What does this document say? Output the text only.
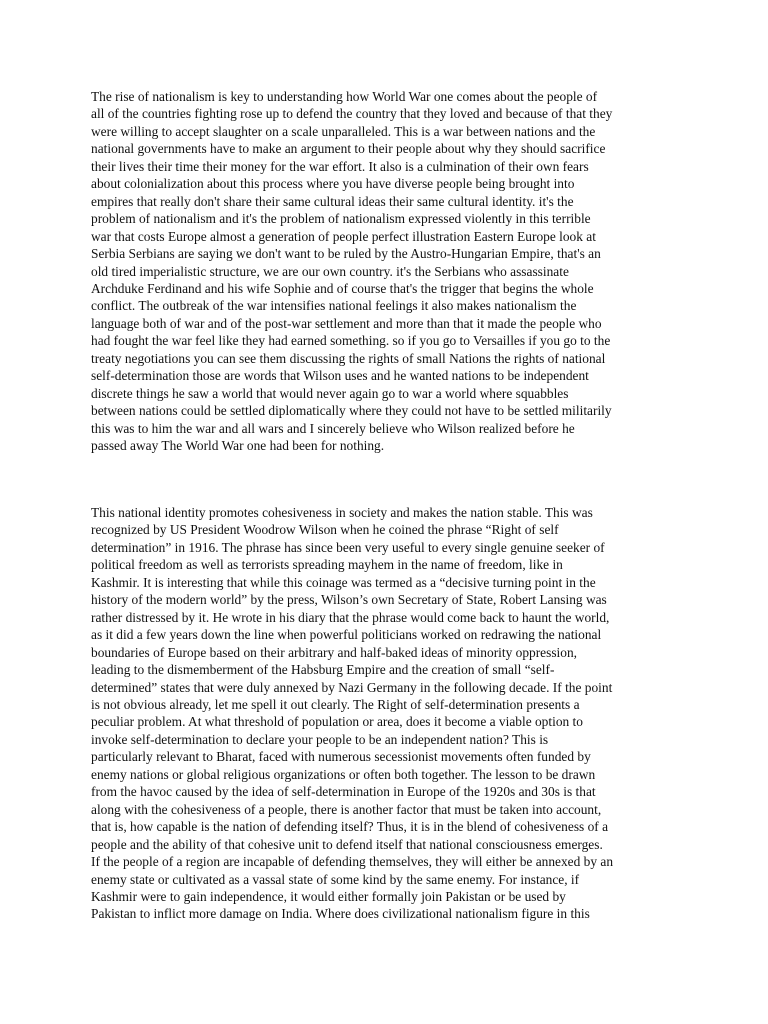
The rise of nationalism is key to understanding how World War one comes about the people of
all of the countries fighting rose up to defend the country that they loved and because of that they
were willing to accept slaughter on a scale unparalleled. This is a war between nations and the
national governments have to make an argument to their people about why they should sacrifice
their lives their time their money for the war effort. It also is a culmination of their own fears
about colonialization about this process where you have diverse people being brought into
empires that really don't share their same cultural ideas their same cultural identity. it's the
problem of nationalism and it's the problem of nationalism expressed violently in this terrible
war that costs Europe almost a generation of people perfect illustration Eastern Europe look at
Serbia Serbians are saying we don't want to be ruled by the Austro-Hungarian Empire, that's an
old tired imperialistic structure, we are our own country. it's the Serbians who assassinate
Archduke Ferdinand and his wife Sophie and of course that's the trigger that begins the whole
conflict. The outbreak of the war intensifies national feelings it also makes nationalism the
language both of war and of the post-war settlement and more than that it made the people who
had fought the war feel like they had earned something. so if you go to Versailles if you go to the
treaty negotiations you can see them discussing the rights of small Nations the rights of national
self-determination those are words that Wilson uses and he wanted nations to be independent
discrete things he saw a world that would never again go to war a world where squabbles
between nations could be settled diplomatically where they could not have to be settled militarily
this was to him the war and all wars and I sincerely believe who Wilson realized before he
passed away The World War one had been for nothing.

This national identity promotes cohesiveness in society and makes the nation stable. This was
recognized by US President Woodrow Wilson when he coined the phrase “Right of self
determination” in 1916. The phrase has since been very useful to every single genuine seeker of
political freedom as well as terrorists spreading mayhem in the name of freedom, like in
Kashmir. It is interesting that while this coinage was termed as a “decisive turning point in the
history of the modern world” by the press, Wilson’s own Secretary of State, Robert Lansing was
rather distressed by it. He wrote in his diary that the phrase would come back to haunt the world,
as it did a few years down the line when powerful politicians worked on redrawing the national
boundaries of Europe based on their arbitrary and half-baked ideas of minority oppression,
leading to the dismemberment of the Habsburg Empire and the creation of small “self-
determined” states that were duly annexed by Nazi Germany in the following decade. If the point
is not obvious already, let me spell it out clearly. The Right of self-determination presents a
peculiar problem. At what threshold of population or area, does it become a viable option to
invoke self-determination to declare your people to be an independent nation? This is
particularly relevant to Bharat, faced with numerous secessionist movements often funded by
enemy nations or global religious organizations or often both together. The lesson to be drawn
from the havoc caused by the idea of self-determination in Europe of the 1920s and 30s is that
along with the cohesiveness of a people, there is another factor that must be taken into account,
that is, how capable is the nation of defending itself? Thus, it is in the blend of cohesiveness of a
people and the ability of that cohesive unit to defend itself that national consciousness emerges.
If the people of a region are incapable of defending themselves, they will either be annexed by an
enemy state or cultivated as a vassal state of some kind by the same enemy. For instance, if
Kashmir were to gain independence, it would either formally join Pakistan or be used by
Pakistan to inflict more damage on India. Where does civilizational nationalism figure in this
